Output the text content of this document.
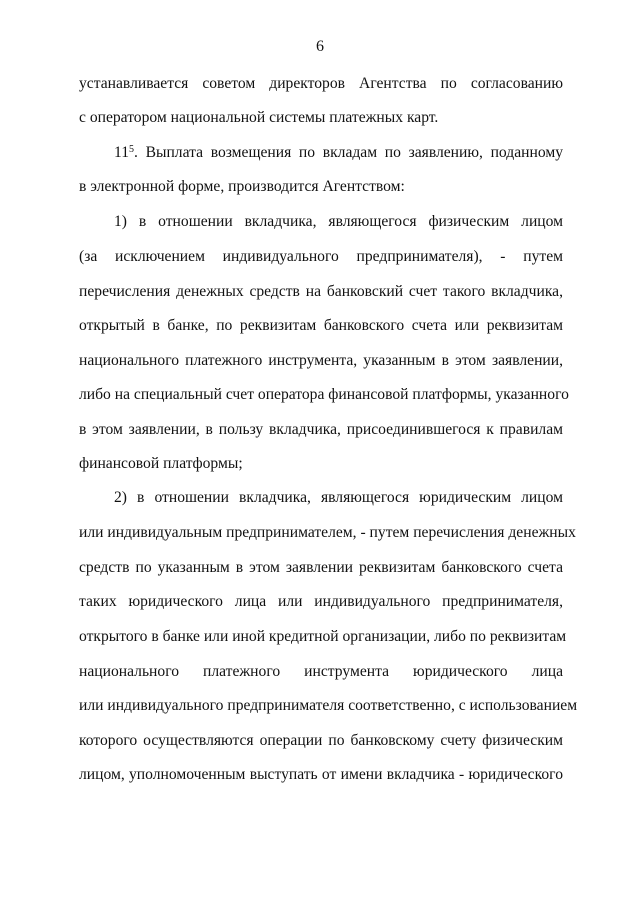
6
устанавливается советом директоров Агентства по согласованию
с оператором национальной системы платежных карт.
$11^5$. Выплата возмещения по вкладам по заявлению, поданному
в электронной форме, производится Агентством:
1) в отношении вкладчика, являющегося физическим лицом
(за исключением индивидуального предпринимателя), - путем
перечисления денежных средств на банковский счет такого вкладчика,
открытый в банке, по реквизитам банковского счета или реквизитам
национального платежного инструмента, указанным в этом заявлении,
либо на специальный счет оператора финансовой платформы, указанного
в этом заявлении, в пользу вкладчика, присоединившегося к правилам
финансовой платформы;
2) в отношении вкладчика, являющегося юридическим лицом
или индивидуальным предпринимателем, - путем перечисления денежных
средств по указанным в этом заявлении реквизитам банковского счета
таких юридического лица или индивидуального предпринимателя,
открытого в банке или иной кредитной организации, либо по реквизитам
национального платежного инструмента юридического лица
или индивидуального предпринимателя соответственно, с использованием
которого осуществляются операции по банковскому счету физическим
лицом, уполномоченным выступать от имени вкладчика - юридического
